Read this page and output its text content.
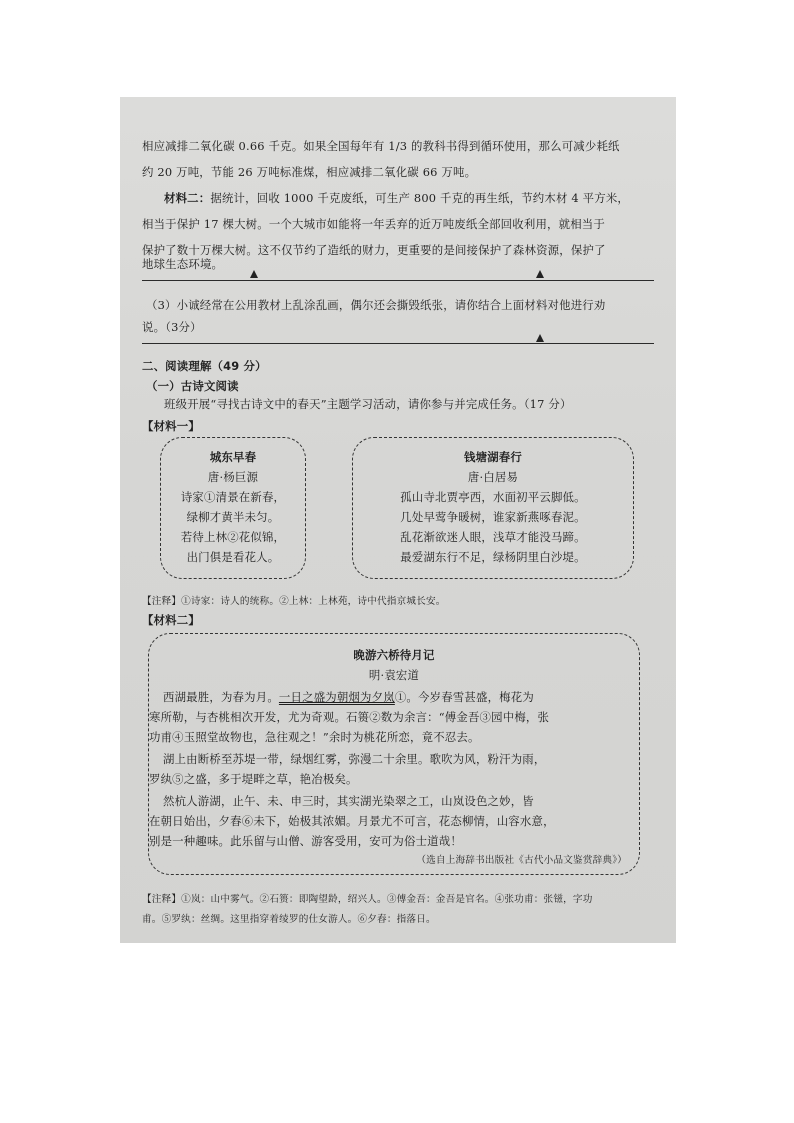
相应减排二氧化碳 0.66 千克。如果全国每年有 1/3 的教科书得到循环使用，那么可减少耗纸
约 20 万吨，节能 26 万吨标准煤，相应减排二氧化碳 66 万吨。
材料二：据统计，回收 1000 千克废纸，可生产 800 千克的再生纸，节约木材 4 平方米，
相当于保护 17 棵大树。一个大城市如能将一年丢弃的近万吨废纸全部回收利用，就相当于
保护了数十万棵大树。这不仅节约了造纸的财力，更重要的是间接保护了森林资源，保护了
地球生态环境。
（3）小诚经常在公用教材上乱涂乱画，偶尔还会撕毁纸张，请你结合上面材料对他进行劝
说。（3分）
二、阅读理解（49 分）
（一）古诗文阅读
班级开展“寻找古诗文中的春天”主题学习活动，请你参与并完成任务。（17 分）
【材料一】
城东早春
唐·杨巨源
诗家①清景在新春，
绿柳才黄半未匀。
若待上林②花似锦，
出门俱是看花人。
钱塘湖春行
唐·白居易
孤山寺北贾亭西，水面初平云脚低。
几处早莺争暖树，谁家新燕啄春泥。
乱花渐欲迷人眼，浅草才能没马蹄。
最爱湖东行不足，绿杨阴里白沙堤。
【注释】①诗家：诗人的统称。②上林：上林苑，诗中代指京城长安。
【材料二】
晚游六桥待月记
明·袁宏道
西湖最胜，为春为月。一日之盛为朝烟为夕岚①。今岁春雪甚盛，梅花为
寒所勒，与杏桃相次开发，尤为奇观。石篑②数为余言：“傅金吾③园中梅，张
功甫④玉照堂故物也，急往观之！”余时为桃花所恋，竟不忍去。
湖上由断桥至苏堤一带，绿烟红雾，弥漫二十余里。歌吹为风，粉汗为雨，
罗纨⑤之盛，多于堤畔之草，艳冶极矣。
然杭人游湖，止午、未、申三时，其实湖光染翠之工，山岚设色之妙，皆
在朝日始出，夕舂⑥未下，始极其浓媚。月景尤不可言，花态柳情，山容水意，
别是一种趣味。此乐留与山僧、游客受用，安可为俗士道哉！
（选自上海辞书出版社《古代小品文鉴赏辞典》）
【注释】①岚：山中雾气。②石篑：即陶望龄，绍兴人。③傅金吾：金吾是官名。④张功甫：张镃，字功
甫。⑤罗纨：丝绸。这里指穿着绫罗的仕女游人。⑥夕舂：指落日。
